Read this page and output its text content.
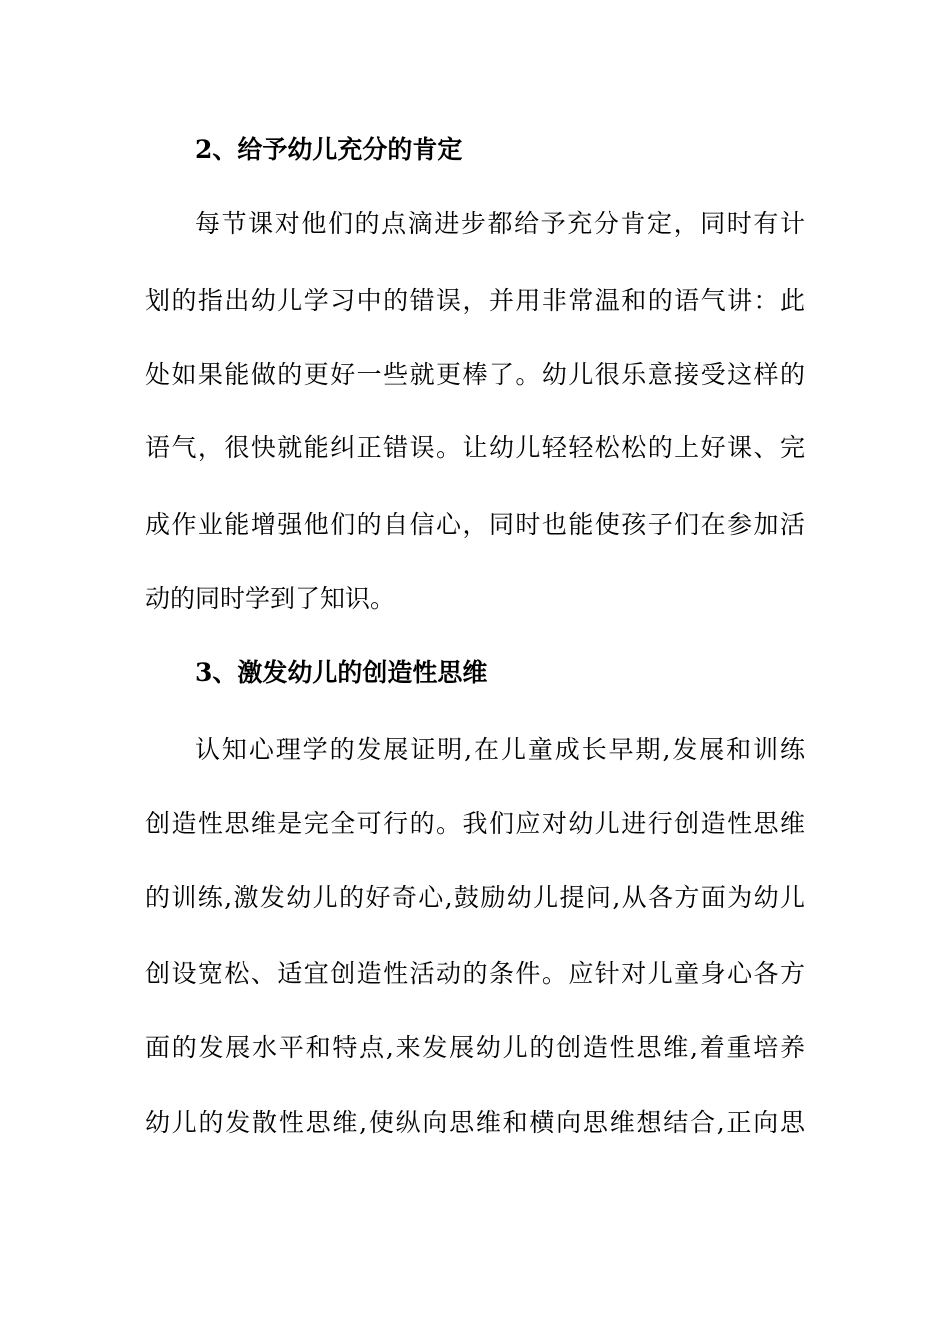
2、给予幼儿充分的肯定
每节课对他们的点滴进步都给予充分肯定，同时有计
划的指出幼儿学习中的错误，并用非常温和的语气讲：此
处如果能做的更好一些就更棒了。幼儿很乐意接受这样的
语气，很快就能纠正错误。让幼儿轻轻松松的上好课、完
成作业能增强他们的自信心，同时也能使孩子们在参加活
动的同时学到了知识。
3、激发幼儿的创造性思维
认知心理学的发展证明,在儿童成长早期,发展和训练
创造性思维是完全可行的。我们应对幼儿进行创造性思维
的训练,激发幼儿的好奇心,鼓励幼儿提问,从各方面为幼儿
创设宽松、适宜创造性活动的条件。应针对儿童身心各方
面的发展水平和特点,来发展幼儿的创造性思维,着重培养
幼儿的发散性思维,使纵向思维和横向思维想结合,正向思
